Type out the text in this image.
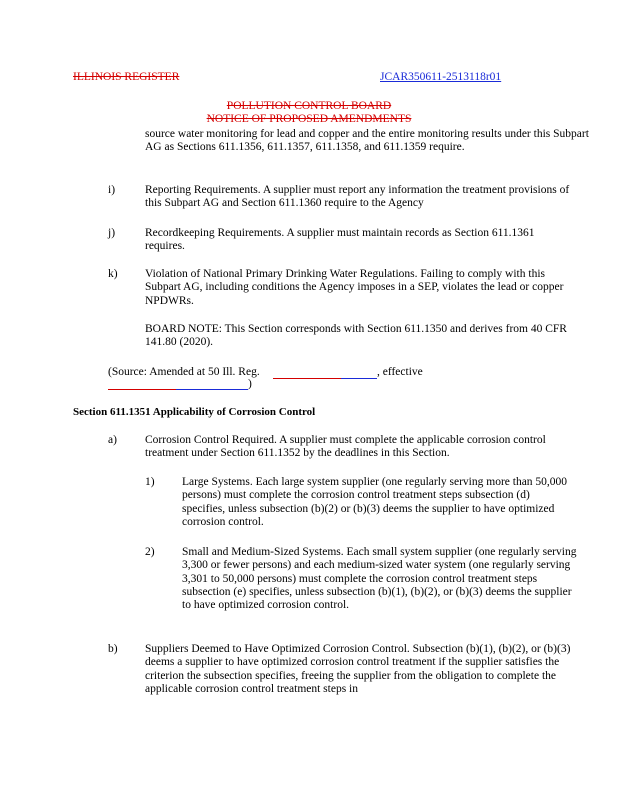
ILLINOIS REGISTER	JCAR350611-2513118r01
POLLUTION CONTROL BOARD
NOTICE OF PROPOSED AMENDMENTS
source water monitoring for lead and copper and the entire monitoring results under this Subpart AG as Sections 611.1356, 611.1357, 611.1358, and 611.1359 require.
i)	Reporting Requirements. A supplier must report any information the treatment provisions of this Subpart AG and Section 611.1360 require to the Agency
j)	Recordkeeping Requirements. A supplier must maintain records as Section 611.1361 requires.
k) Violation of National Primary Drinking Water Regulations. Failing to comply with this Subpart AG, including conditions the Agency imposes in a SEP, violates the lead or copper NPDWRs.
BOARD NOTE: This Section corresponds with Section 611.1350 and derives from 40 CFR 141.80 (2020).
(Source: Amended at 50 Ill. Reg.	, effective
)
Section 611.1351 Applicability of Corrosion Control
a) Corrosion Control Required. A supplier must complete the applicable corrosion control treatment under Section 611.1352 by the deadlines in this Section.
1) Large Systems. Each large system supplier (one regularly serving more than 50,000 persons) must complete the corrosion control treatment steps subsection (d) specifies, unless subsection (b)(2) or (b)(3) deems the supplier to have optimized corrosion control.
2) Small and Medium-Sized Systems. Each small system supplier (one regularly serving 3,300 or fewer persons) and each medium-sized water system (one regularly serving 3,301 to 50,000 persons) must complete the corrosion control treatment steps subsection (e) specifies, unless subsection (b)(1), (b)(2), or (b)(3) deems the supplier to have optimized corrosion control.
b) Suppliers Deemed to Have Optimized Corrosion Control. Subsection (b)(1), (b)(2), or (b)(3) deems a supplier to have optimized corrosion control treatment if the supplier satisfies the criterion the subsection specifies, freeing the supplier from the obligation to complete the applicable corrosion control treatment steps in
